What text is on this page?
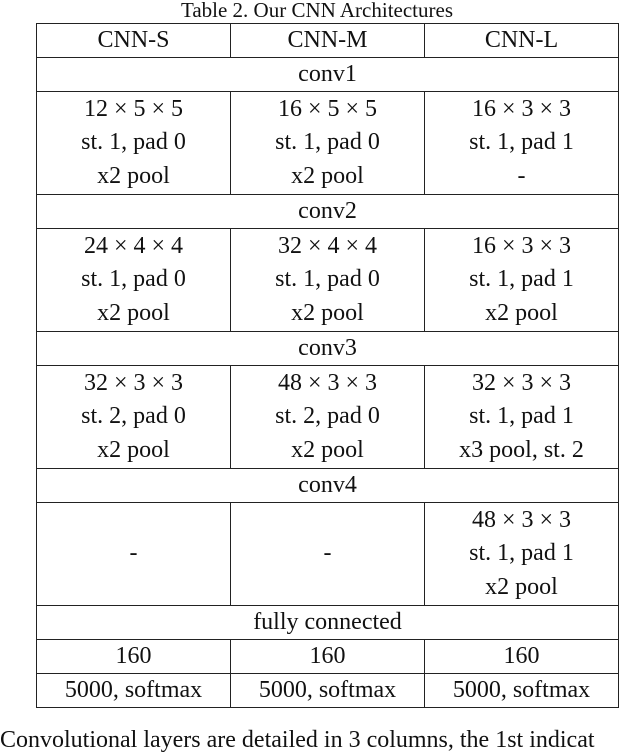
Table 2. Our CNN Architectures
CNN-S	CNN-M	CNN-L
conv1		

12 × 5 × 5
st. 1, pad 0
x2 pool	16 × 5 × 5
st. 1, pad 0
x2 pool	16 × 3 × 3
st. 1, pad 1
-

conv2		

24 × 4 × 4
st. 1, pad 0
x2 pool	32 × 4 × 4
st. 1, pad 0
x2 pool	16 × 3 × 3
st. 1, pad 1
x2 pool

conv3		

32 × 3 × 3
st. 2, pad 0
x2 pool	48 × 3 × 3
st. 2, pad 0
x2 pool	32 × 3 × 3
st. 1, pad 1
x3 pool, st. 2

conv4		

-	-	48 × 3 × 3
st. 1, pad 1
x2 pool

fully connected		
160	160	160
5000, softmax	5000, softmax	5000, softmax
Convolutional layers are detailed in 3 columns, the 1st indicat
